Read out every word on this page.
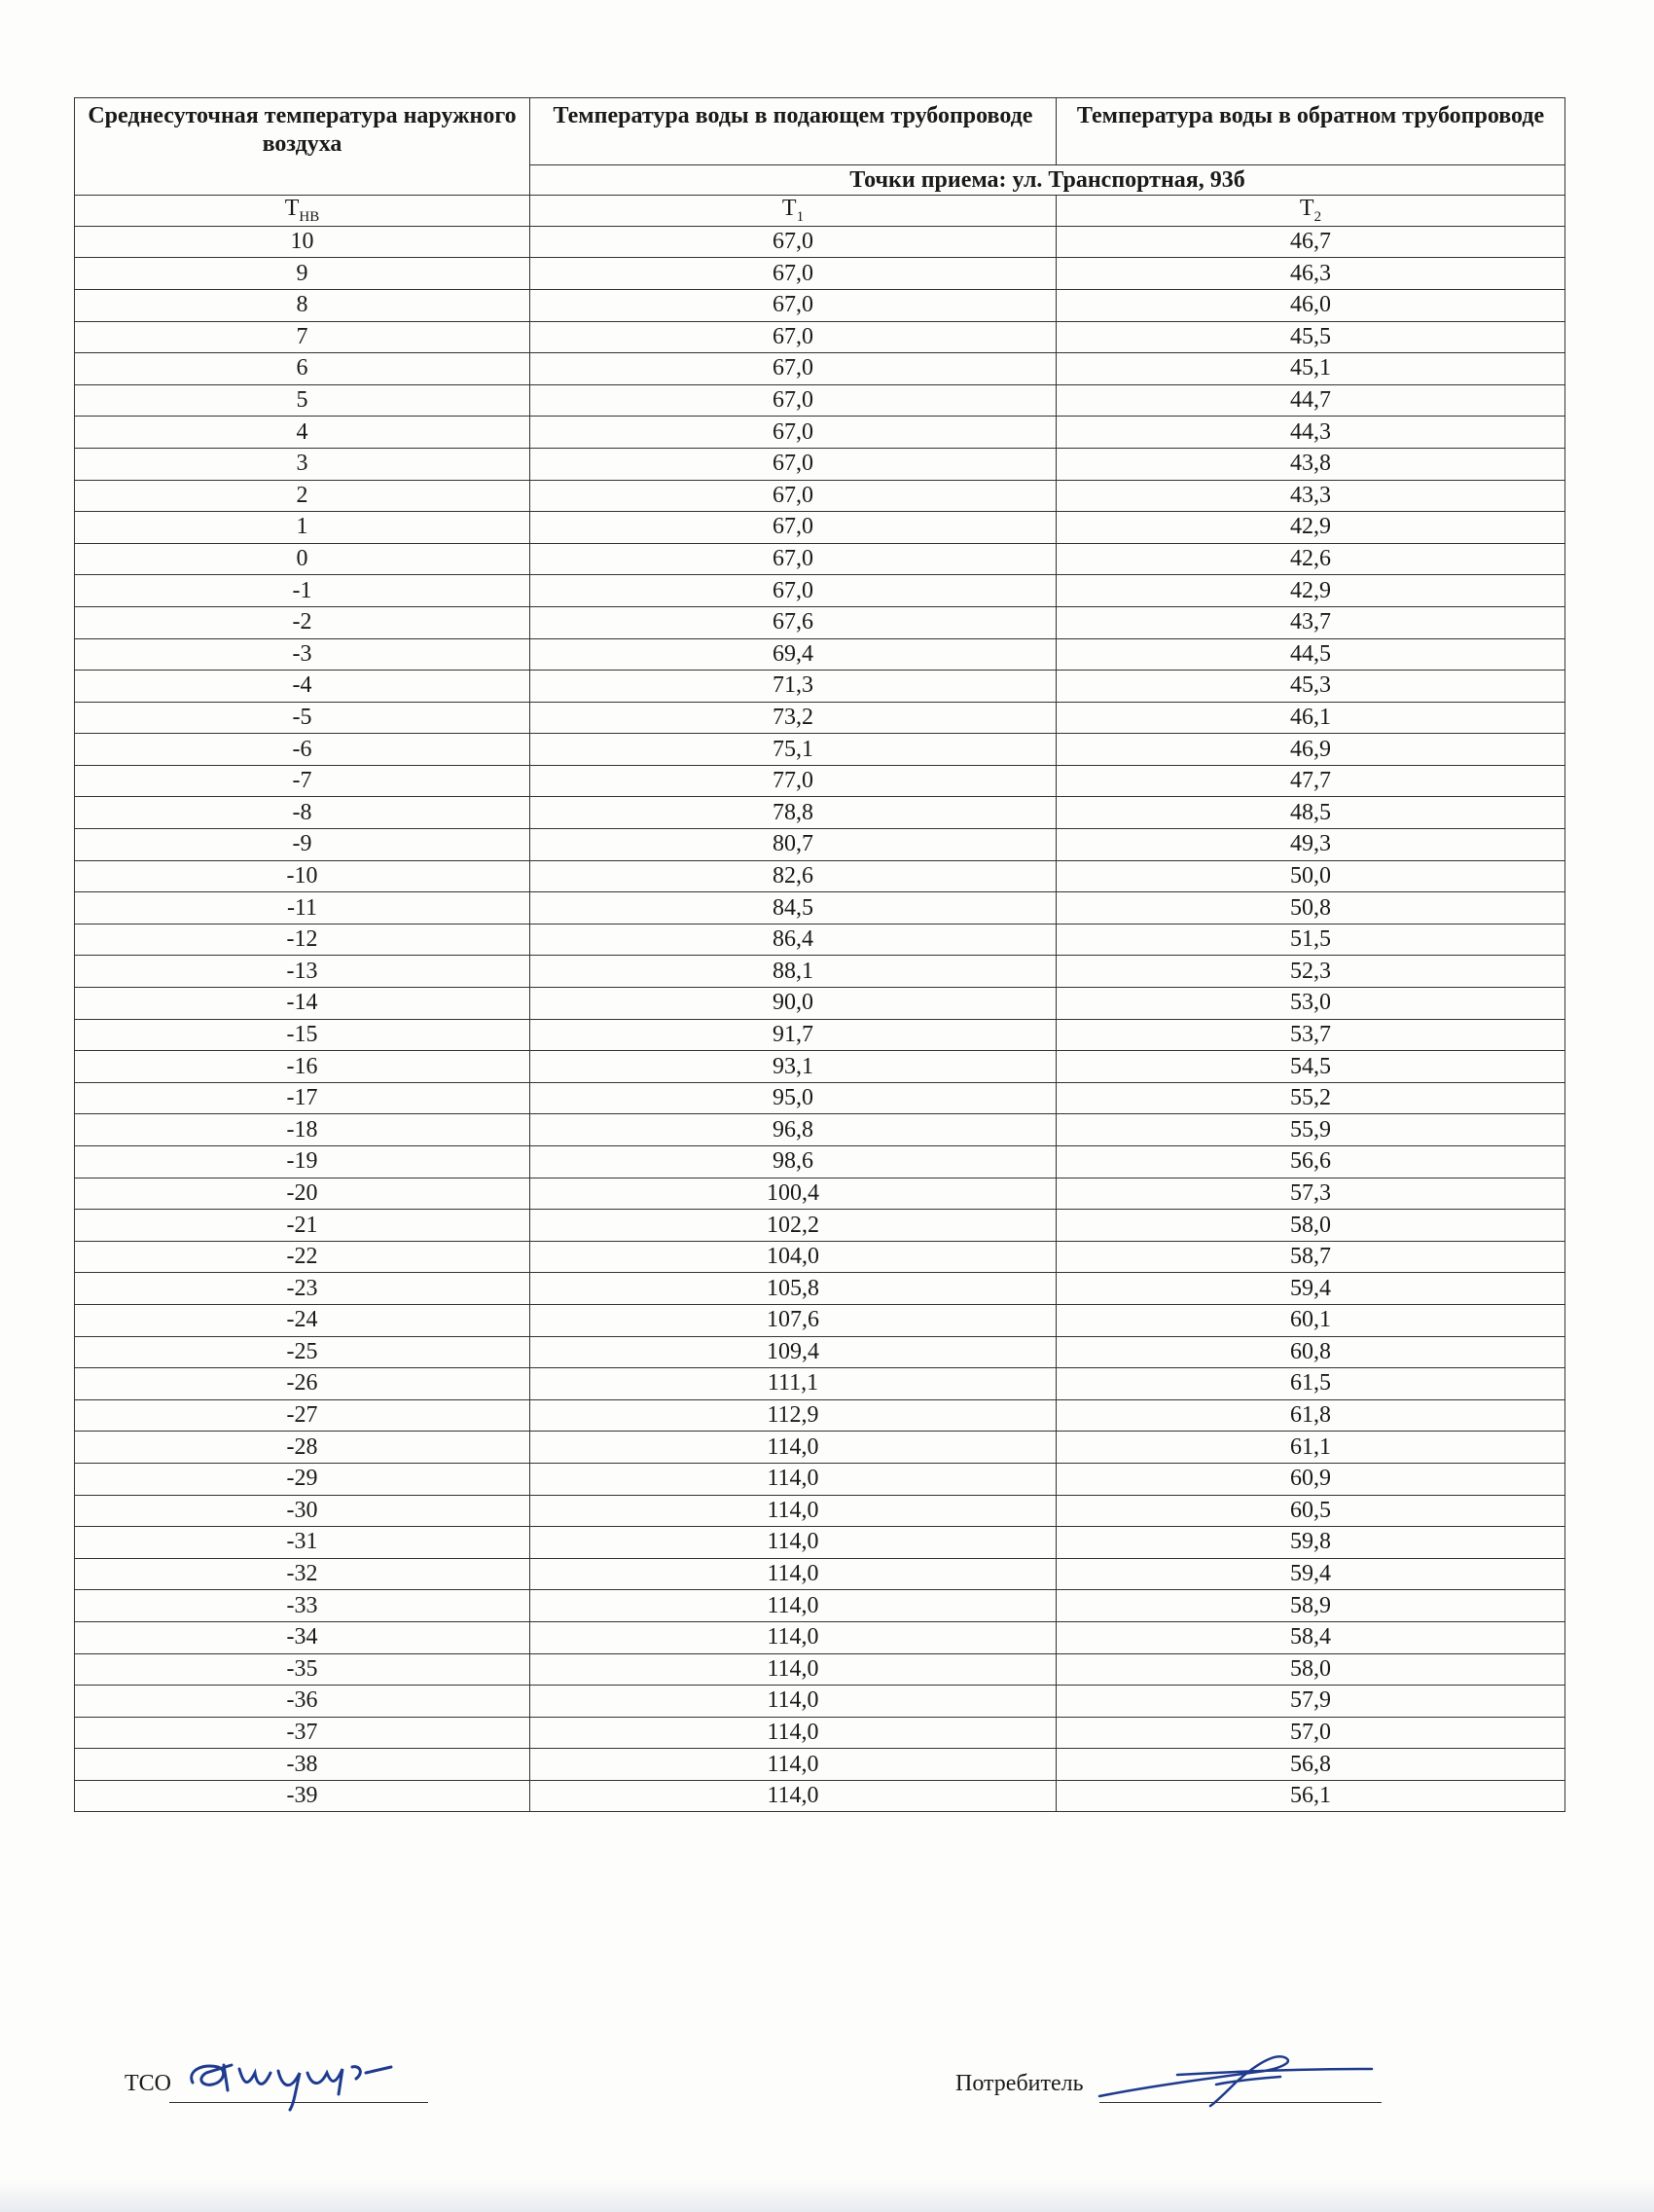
Среднесуточная температура наружного воздуха	Температура воды в подающем трубопроводе	Температура воды в обратном трубопроводе
	Точки приема: ул. Транспортная, 93б	
$Т_{НВ}$	$Т_1$	$Т_2$
10	67,0	46,7
9	67,0	46,3
8	67,0	46,0
7	67,0	45,5
6	67,0	45,1
5	67,0	44,7
4	67,0	44,3
3	67,0	43,8
2	67,0	43,3
1	67,0	42,9
0	67,0	42,6
-1	67,0	42,9
-2	67,6	43,7
-3	69,4	44,5
-4	71,3	45,3
-5	73,2	46,1
-6	75,1	46,9
-7	77,0	47,7
-8	78,8	48,5
-9	80,7	49,3
-10	82,6	50,0
-11	84,5	50,8
-12	86,4	51,5
-13	88,1	52,3
-14	90,0	53,0
-15	91,7	53,7
-16	93,1	54,5
-17	95,0	55,2
-18	96,8	55,9
-19	98,6	56,6
-20	100,4	57,3
-21	102,2	58,0
-22	104,0	58,7
-23	105,8	59,4
-24	107,6	60,1
-25	109,4	60,8
-26	111,1	61,5
-27	112,9	61,8
-28	114,0	61,1
-29	114,0	60,9
-30	114,0	60,5
-31	114,0	59,8
-32	114,0	59,4
-33	114,0	58,9
-34	114,0	58,4
-35	114,0	58,0
-36	114,0	57,9
-37	114,0	57,0
-38	114,0	56,8
-39	114,0	56,1
ТСО	Потребитель
